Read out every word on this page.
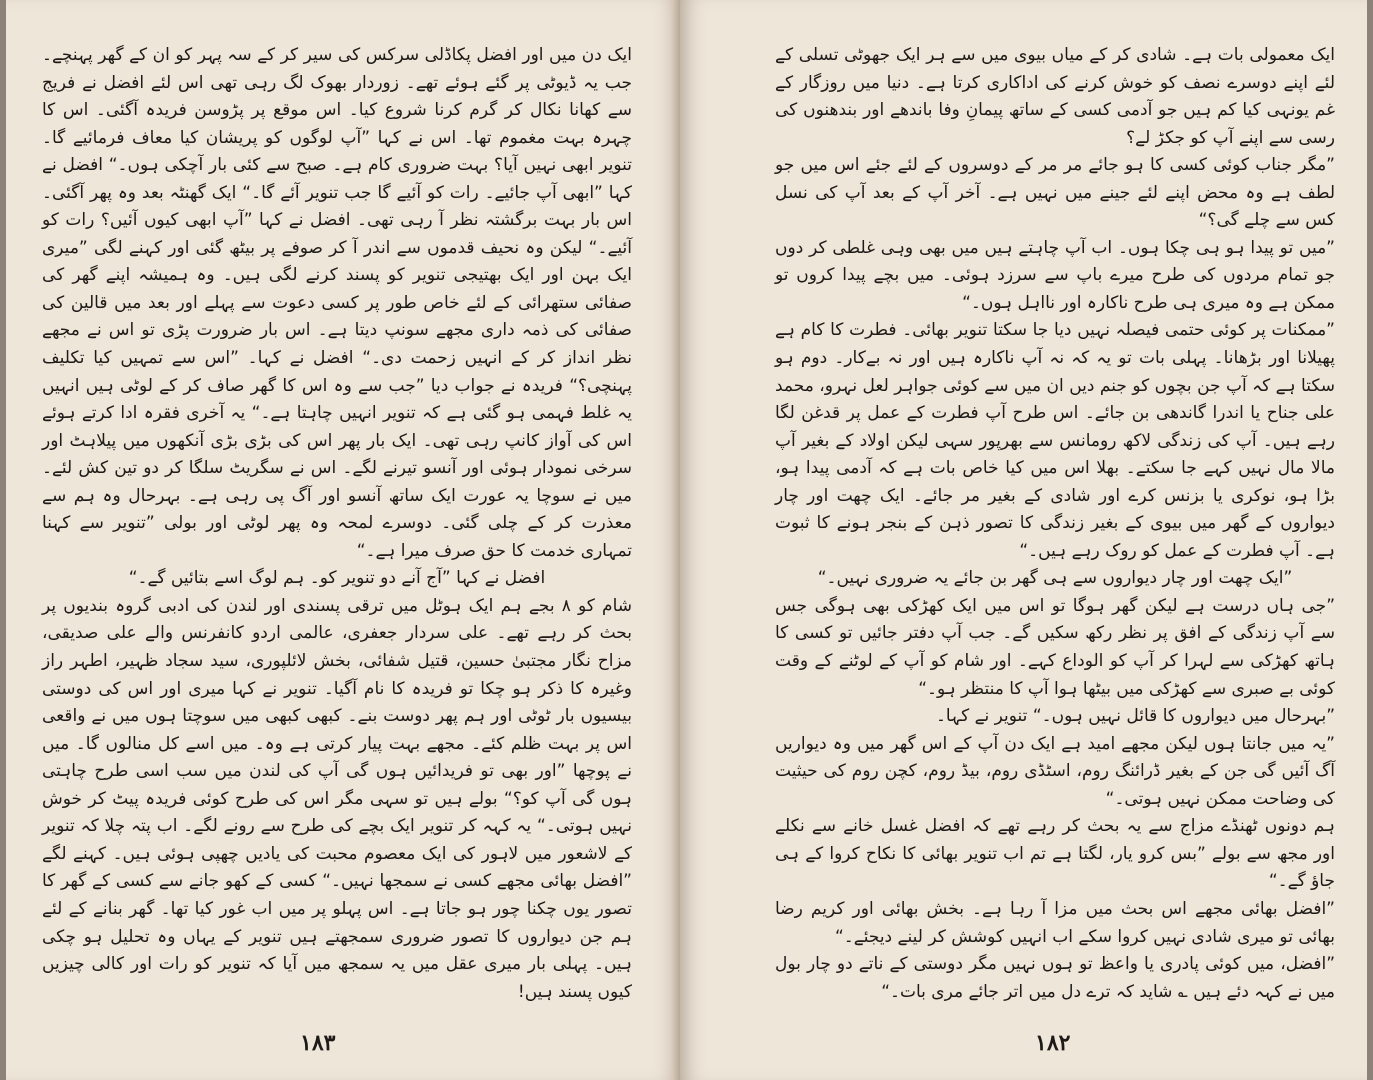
ایک دن میں اور افضل پکاڈلی سرکس کی سیر کر کے سہ پہر کو ان کے گھر پہنچے۔ جب یہ ڈیوٹی پر گئے ہوئے تھے۔ زوردار بھوک لگ رہی تھی اس لئے افضل نے فریج سے کھانا نکال کر گرم کرنا شروع کیا۔ اس موقع پر پڑوسن فریدہ آگئی۔ اس کا چہرہ بہت مغموم تھا۔ اس نے کہا ”آپ لوگوں کو پریشان کیا معاف فرمائیے گا۔ تنویر ابھی نہیں آیا؟ بہت ضروری کام ہے۔ صبح سے کئی بار آچکی ہوں۔“ افضل نے کہا ”ابھی آپ جائیے۔ رات کو آئیے گا جب تنویر آئے گا۔“ ایک گھنٹہ بعد وہ پھر آگئی۔ اس بار بہت برگشتہ نظر آ رہی تھی۔ افضل نے کہا ”آپ ابھی کیوں آئیں؟ رات کو آئیے۔“ لیکن وہ نحیف قدموں سے اندر آ کر صوفے پر بیٹھ گئی اور کہنے لگی ”میری ایک بہن اور ایک بھتیجی تنویر کو پسند کرنے لگی ہیں۔ وہ ہمیشہ اپنے گھر کی صفائی ستھرائی کے لئے خاص طور پر کسی دعوت سے پہلے اور بعد میں قالین کی صفائی کی ذمہ داری مجھے سونپ دیتا ہے۔ اس بار ضرورت پڑی تو اس نے مجھے نظر انداز کر کے انہیں زحمت دی۔“ افضل نے کہا۔ ”اس سے تمہیں کیا تکلیف پہنچی؟“ فریدہ نے جواب دیا ”جب سے وہ اس کا گھر صاف کر کے لوٹی ہیں انہیں یہ غلط فہمی ہو گئی ہے کہ تنویر انہیں چاہتا ہے۔“ یہ آخری فقرہ ادا کرتے ہوئے اس کی آواز کانپ رہی تھی۔ ایک بار پھر اس کی بڑی بڑی آنکھوں میں پیلاہٹ اور سرخی نمودار ہوئی اور آنسو تیرنے لگے۔ اس نے سگریٹ سلگا کر دو تین کش لئے۔ میں نے سوچا یہ عورت ایک ساتھ آنسو اور آگ پی رہی ہے۔ بہرحال وہ ہم سے معذرت کر کے چلی گئی۔ دوسرے لمحہ وہ پھر لوٹی اور بولی ”تنویر سے کہنا تمہاری خدمت کا حق صرف میرا ہے۔“

افضل نے کہا ”آج آنے دو تنویر کو۔ ہم لوگ اسے بتائیں گے۔“

شام کو ۸ بجے ہم ایک ہوٹل میں ترقی پسندی اور لندن کی ادبی گروہ بندیوں پر بحث کر رہے تھے۔ علی سردار جعفری، عالمی اردو کانفرنس والے علی صدیقی، مزاح نگار مجتبیٰ حسین، قتیل شفائی، بخش لائلپوری، سید سجاد ظہیر، اطہر راز وغیرہ کا ذکر ہو چکا تو فریدہ کا نام آگیا۔ تنویر نے کہا میری اور اس کی دوستی بیسیوں بار ٹوٹی اور ہم پھر دوست بنے۔ کبھی کبھی میں سوچتا ہوں میں نے واقعی اس پر بہت ظلم کئے۔ مجھے بہت پیار کرتی ہے وہ۔ میں اسے کل منالوں گا۔ میں نے پوچھا ”اور بھی تو فریدائیں ہوں گی آپ کی لندن میں سب اسی طرح چاہتی ہوں گی آپ کو؟“ بولے ہیں تو سہی مگر اس کی طرح کوئی فریدہ پیٹ کر خوش نہیں ہوتی۔“ یہ کہہ کر تنویر ایک بچے کی طرح سے رونے لگے۔ اب پتہ چلا کہ تنویر کے لاشعور میں لاہور کی ایک معصوم محبت کی یادیں چھپی ہوئی ہیں۔ کہنے لگے ”افضل بھائی مجھے کسی نے سمجھا نہیں۔“ کسی کے کھو جانے سے کسی کے گھر کا تصور یوں چکنا چور ہو جاتا ہے۔ اس پہلو پر میں اب غور کیا تھا۔ گھر بنانے کے لئے ہم جن دیواروں کا تصور ضروری سمجھتے ہیں تنویر کے یہاں وہ تحلیل ہو چکی ہیں۔ پہلی بار میری عقل میں یہ سمجھ میں آیا کہ تنویر کو رات اور کالی چیزیں کیوں پسند ہیں!

۱۸۳

ایک معمولی بات ہے۔ شادی کر کے میاں بیوی میں سے ہر ایک جھوٹی تسلی کے لئے اپنے دوسرے نصف کو خوش کرنے کی اداکاری کرتا ہے۔ دنیا میں روزگار کے غم یونہی کیا کم ہیں جو آدمی کسی کے ساتھ پیمانِ وفا باندھے اور بندھنوں کی رسی سے اپنے آپ کو جکڑ لے؟

”مگر جناب کوئی کسی کا ہو جائے مر مر کے دوسروں کے لئے جئے اس میں جو لطف ہے وہ محض اپنے لئے جینے میں نہیں ہے۔ آخر آپ کے بعد آپ کی نسل کس سے چلے گی؟“

”میں تو پیدا ہو ہی چکا ہوں۔ اب آپ چاہتے ہیں میں بھی وہی غلطی کر دوں جو تمام مردوں کی طرح میرے باپ سے سرزد ہوئی۔ میں بچے پیدا کروں تو ممکن ہے وہ میری ہی طرح ناکارہ اور نااہل ہوں۔“

”ممکنات پر کوئی حتمی فیصلہ نہیں دیا جا سکتا تنویر بھائی۔ فطرت کا کام ہے پھیلانا اور بڑھانا۔ پہلی بات تو یہ کہ نہ آپ ناکارہ ہیں اور نہ بےکار۔ دوم ہو سکتا ہے کہ آپ جن بچوں کو جنم دیں ان میں سے کوئی جواہر لعل نہرو، محمد علی جناح یا اندرا گاندھی بن جائے۔ اس طرح آپ فطرت کے عمل پر قدغن لگا رہے ہیں۔ آپ کی زندگی لاکھ رومانس سے بھرپور سہی لیکن اولاد کے بغیر آپ مالا مال نہیں کہے جا سکتے۔ بھلا اس میں کیا خاص بات ہے کہ آدمی پیدا ہو، بڑا ہو، نوکری یا بزنس کرے اور شادی کے بغیر مر جائے۔ ایک چھت اور چار دیواروں کے گھر میں بیوی کے بغیر زندگی کا تصور ذہن کے بنجر ہونے کا ثبوت ہے۔ آپ فطرت کے عمل کو روک رہے ہیں۔“

”ایک چھت اور چار دیواروں سے ہی گھر بن جائے یہ ضروری نہیں۔“

”جی ہاں درست ہے لیکن گھر ہوگا تو اس میں ایک کھڑکی بھی ہوگی جس سے آپ زندگی کے افق پر نظر رکھ سکیں گے۔ جب آپ دفتر جائیں تو کسی کا ہاتھ کھڑکی سے لہرا کر آپ کو الوداع کہے۔ اور شام کو آپ کے لوٹنے کے وقت کوئی بے صبری سے کھڑکی میں بیٹھا ہوا آپ کا منتظر ہو۔“

”بہرحال میں دیواروں کا قائل نہیں ہوں۔“ تنویر نے کہا۔

”یہ میں جانتا ہوں لیکن مجھے امید ہے ایک دن آپ کے اس گھر میں وہ دیواریں آگ آئیں گی جن کے بغیر ڈرائنگ روم، اسٹڈی روم، بیڈ روم، کچن روم کی حیثیت کی وضاحت ممکن نہیں ہوتی۔“

ہم دونوں ٹھنڈے مزاج سے یہ بحث کر رہے تھے کہ افضل غسل خانے سے نکلے اور مجھ سے بولے ”بس کرو یار، لگتا ہے تم اب تنویر بھائی کا نکاح کروا کے ہی جاؤ گے۔“

”افضل بھائی مجھے اس بحث میں مزا آ رہا ہے۔ بخش بھائی اور کریم رضا بھائی تو میری شادی نہیں کروا سکے اب انہیں کوشش کر لینے دیجئے۔“

”افضل، میں کوئی پادری یا واعظ تو ہوں نہیں مگر دوستی کے ناتے دو چار بول میں نے کہہ دئے ہیں ؎ شاید کہ ترے دل میں اتر جائے مری بات۔“

۱۸۲
